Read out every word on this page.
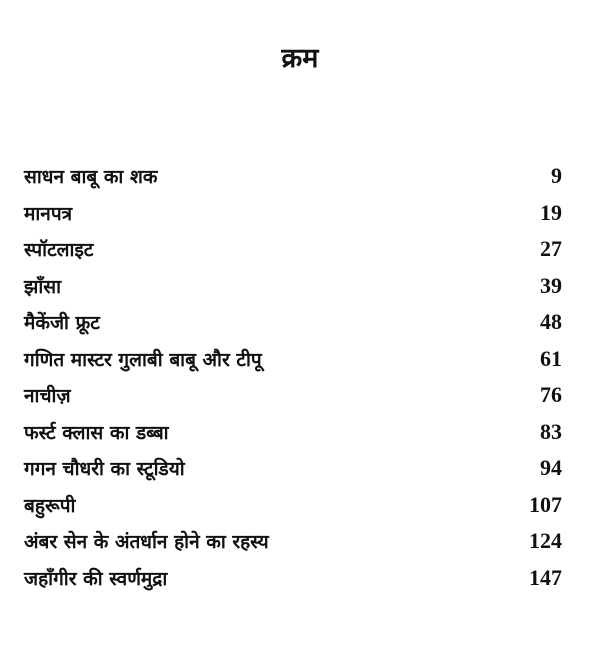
क्रम
साधन बाबू का शक	9
मानपत्र	19
स्पॉटलाइट	27
झाँसा	39
मैकेंजी फ्रूट	48
गणित मास्टर गुलाबी बाबू और टीपू	61
नाचीज़	76
फर्स्ट क्लास का डब्बा	83
गगन चौधरी का स्टूडियो	94
बहुरूपी	107
अंबर सेन के अंतर्धान होने का रहस्य	124
जहाँगीर की स्वर्णमुद्रा	147
